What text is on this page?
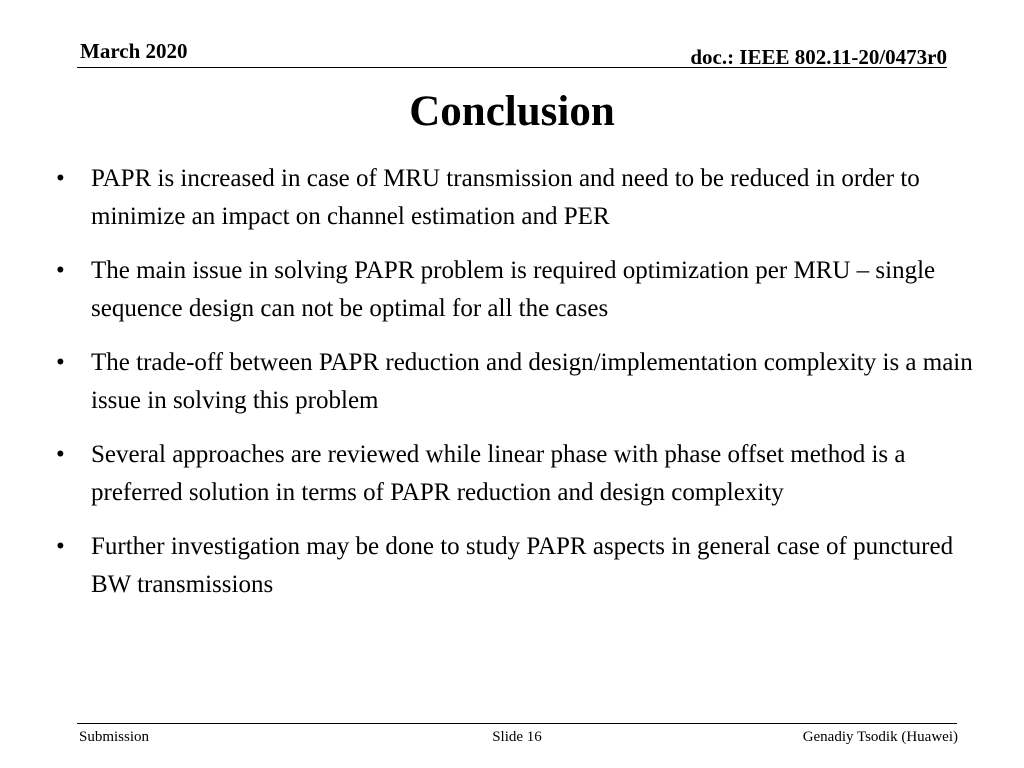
March 2020	doc.: IEEE 802.11-20/0473r0
Conclusion
• PAPR is increased in case of MRU transmission and need to be reduced in order to minimize an impact on channel estimation and PER
• The main issue in solving PAPR problem is required optimization per MRU – single sequence design can not be optimal for all the cases
• The trade-off between PAPR reduction and design/implementation complexity is a main issue in solving this problem
• Several approaches are reviewed while linear phase with phase offset method is a preferred solution in terms of PAPR reduction and design complexity
• Further investigation may be done to study PAPR aspects in general case of punctured BW transmissions
Submission	Slide 16	Genadiy Tsodik (Huawei)
